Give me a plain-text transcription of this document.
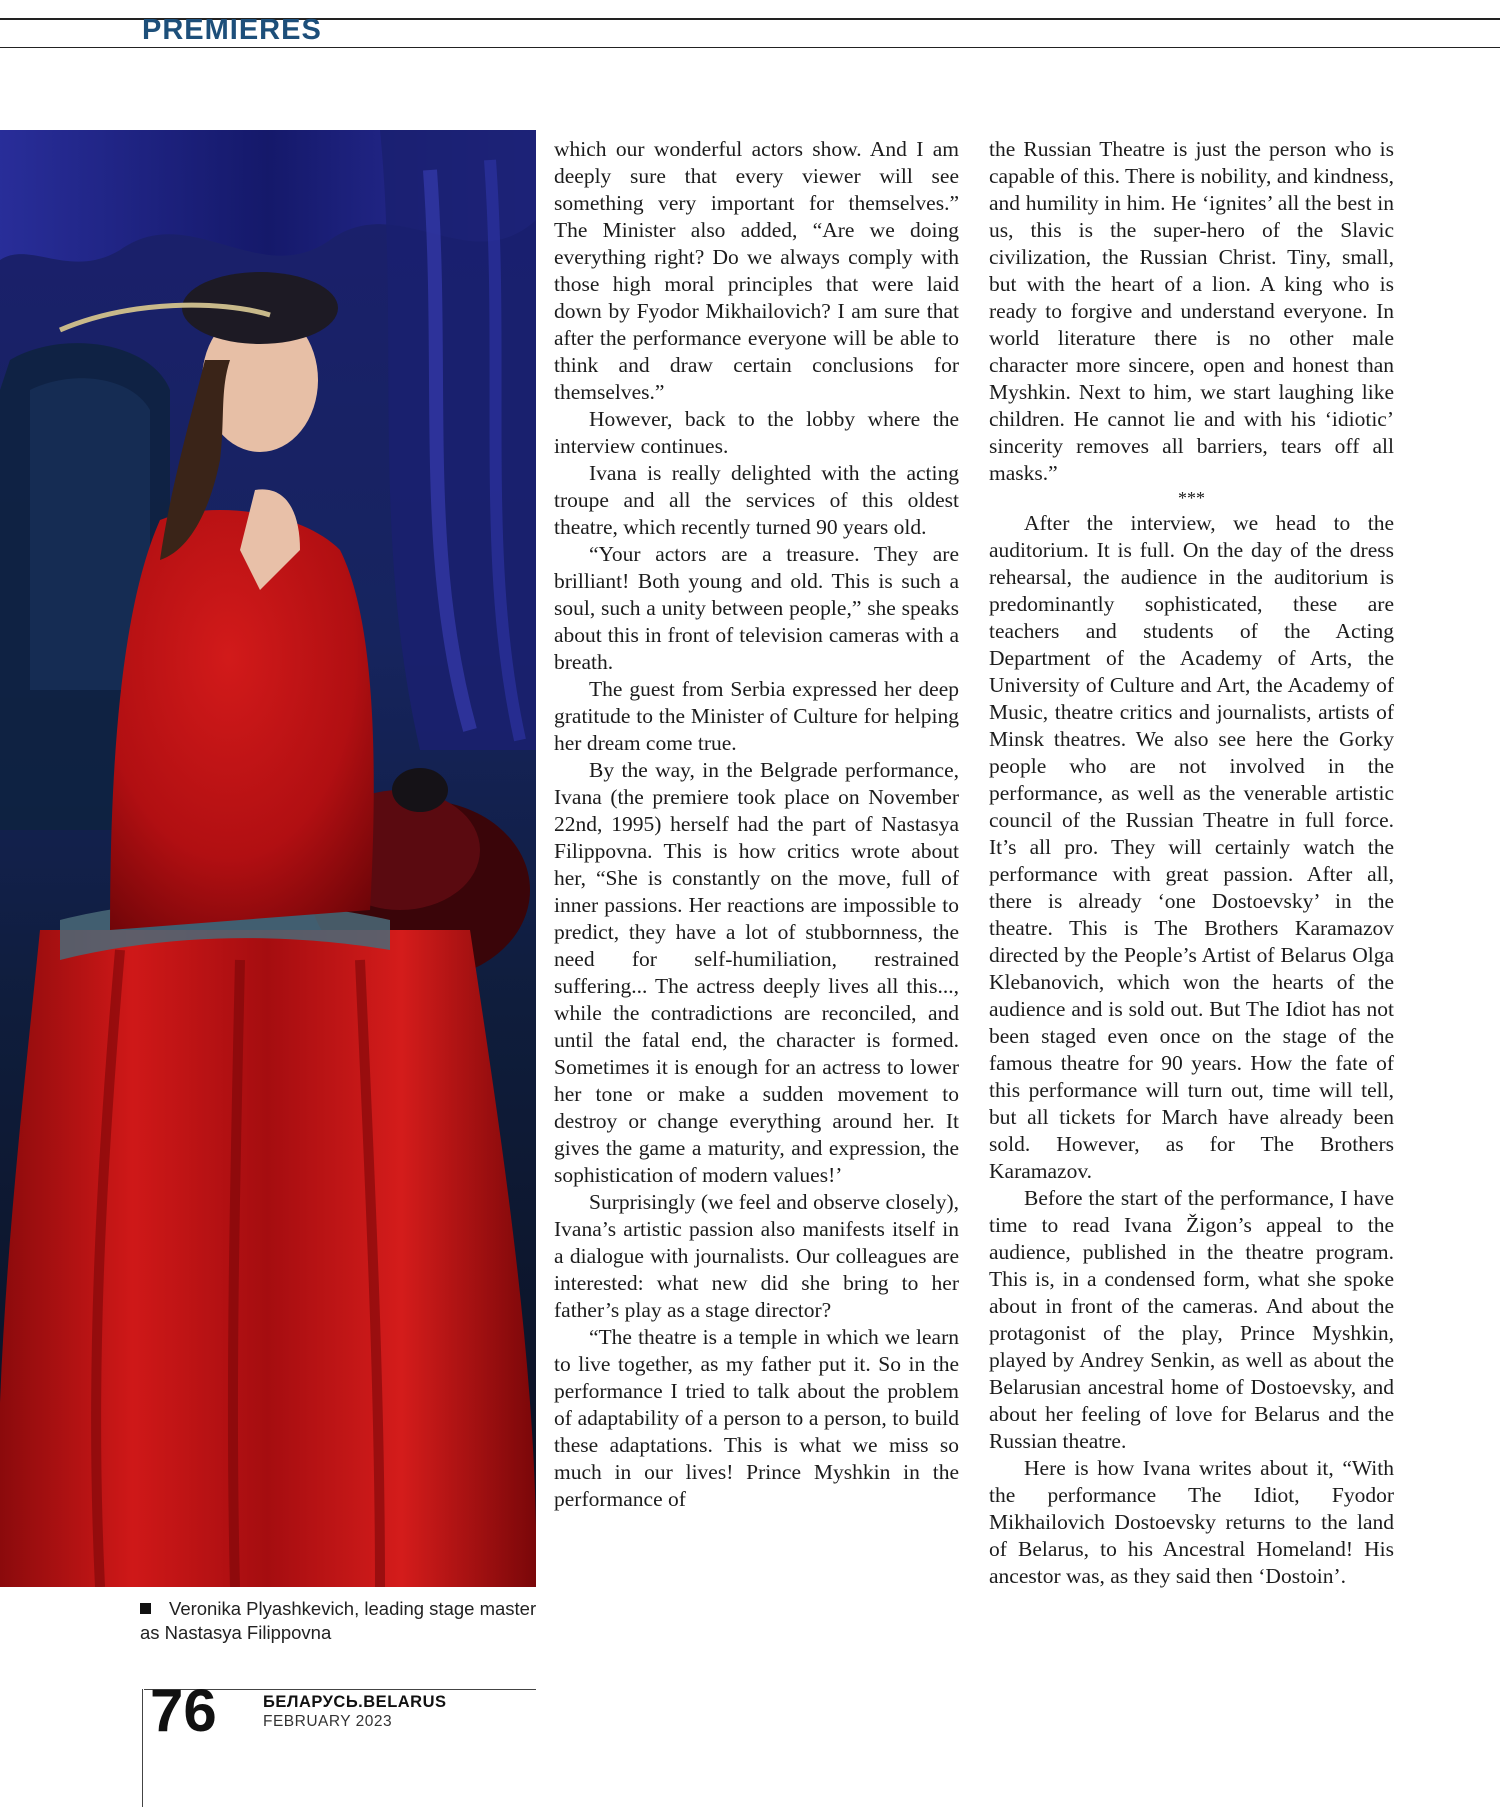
PREMIERES
Veronika Plyashkevich, leading stage master as Nastasya Filippovna

which our wonderful actors show. And I am deeply sure that every viewer will see something very important for themselves.” The Minister also added, “Are we doing everything right? Do we always comply with those high moral principles that were laid down by Fyodor Mikhailovich? I am sure that after the performance everyone will be able to think and draw certain conclusions for themselves.”

However, back to the lobby where the interview continues.

Ivana is really delighted with the acting troupe and all the services of this oldest theatre, which recently turned 90 years old.

“Your actors are a treasure. They are brilliant! Both young and old. This is such a soul, such a unity between people,” she speaks about this in front of television cameras with a breath.

The guest from Serbia expressed her deep gratitude to the Minister of Culture for helping her dream come true.

By the way, in the Belgrade performance, Ivana (the premiere took place on November 22nd, 1995) herself had the part of Nastasya Filippovna. This is how critics wrote about her, “She is constantly on the move, full of inner passions. Her reactions are impossible to predict, they have a lot of stubbornness, the need for self-humiliation, restrained suffering... The actress deeply lives all this..., while the contradictions are reconciled, and until the fatal end, the character is formed. Sometimes it is enough for an actress to lower her tone or make a sudden movement to destroy or change everything around her. It gives the game a maturity, and expression, the sophistication of modern values!’

Surprisingly (we feel and observe closely), Ivana’s artistic passion also manifests itself in a dialogue with journalists. Our colleagues are interested: what new did she bring to her father’s play as a stage director?

“The theatre is a temple in which we learn to live together, as my father put it. So in the performance I tried to talk about the problem of adaptability of a person to a person, to build these adaptations. This is what we miss so much in our lives! Prince Myshkin in the performance of

the Russian Theatre is just the person who is capable of this. There is nobility, and kindness, and humility in him. He ‘ignites’ all the best in us, this is the super-hero of the Slavic civilization, the Russian Christ. Tiny, small, but with the heart of a lion. A king who is ready to forgive and understand everyone. In world literature there is no other male character more sincere, open and honest than Myshkin. Next to him, we start laughing like children. He cannot lie and with his ‘idiotic’ sincerity removes all barriers, tears off all masks.”

***

After the interview, we head to the auditorium. It is full. On the day of the dress rehearsal, the audience in the auditorium is predominantly sophisticated, these are teachers and students of the Acting Department of the Academy of Arts, the University of Culture and Art, the Academy of Music, theatre critics and journalists, artists of Minsk theatres. We also see here the Gorky people who are not involved in the performance, as well as the venerable artistic council of the Russian Theatre in full force. It’s all pro. They will certainly watch the performance with great passion. After all, there is already ‘one Dostoevsky’ in the theatre. This is The Brothers Karamazov directed by the People’s Artist of Belarus Olga Klebanovich, which won the hearts of the audience and is sold out. But The Idiot has not been staged even once on the stage of the famous theatre for 90 years. How the fate of this performance will turn out, time will tell, but all tickets for March have already been sold. However, as for The Brothers Karamazov.

Before the start of the performance, I have time to read Ivana Žigon’s appeal to the audience, published in the theatre program. This is, in a condensed form, what she spoke about in front of the cameras. And about the protagonist of the play, Prince Myshkin, played by Andrey Senkin, as well as about the Belarusian ancestral home of Dostoevsky, and about her feeling of love for Belarus and the Russian theatre.

Here is how Ivana writes about it, “With the performance The Idiot, Fyodor Mikhailovich Dostoevsky returns to the land of Belarus, to his Ancestral Homeland! His ancestor was, as they said then ‘Dostoin’.

76	БЕЛАРУСЬ.BELARUS
FEBRUARY 2023
